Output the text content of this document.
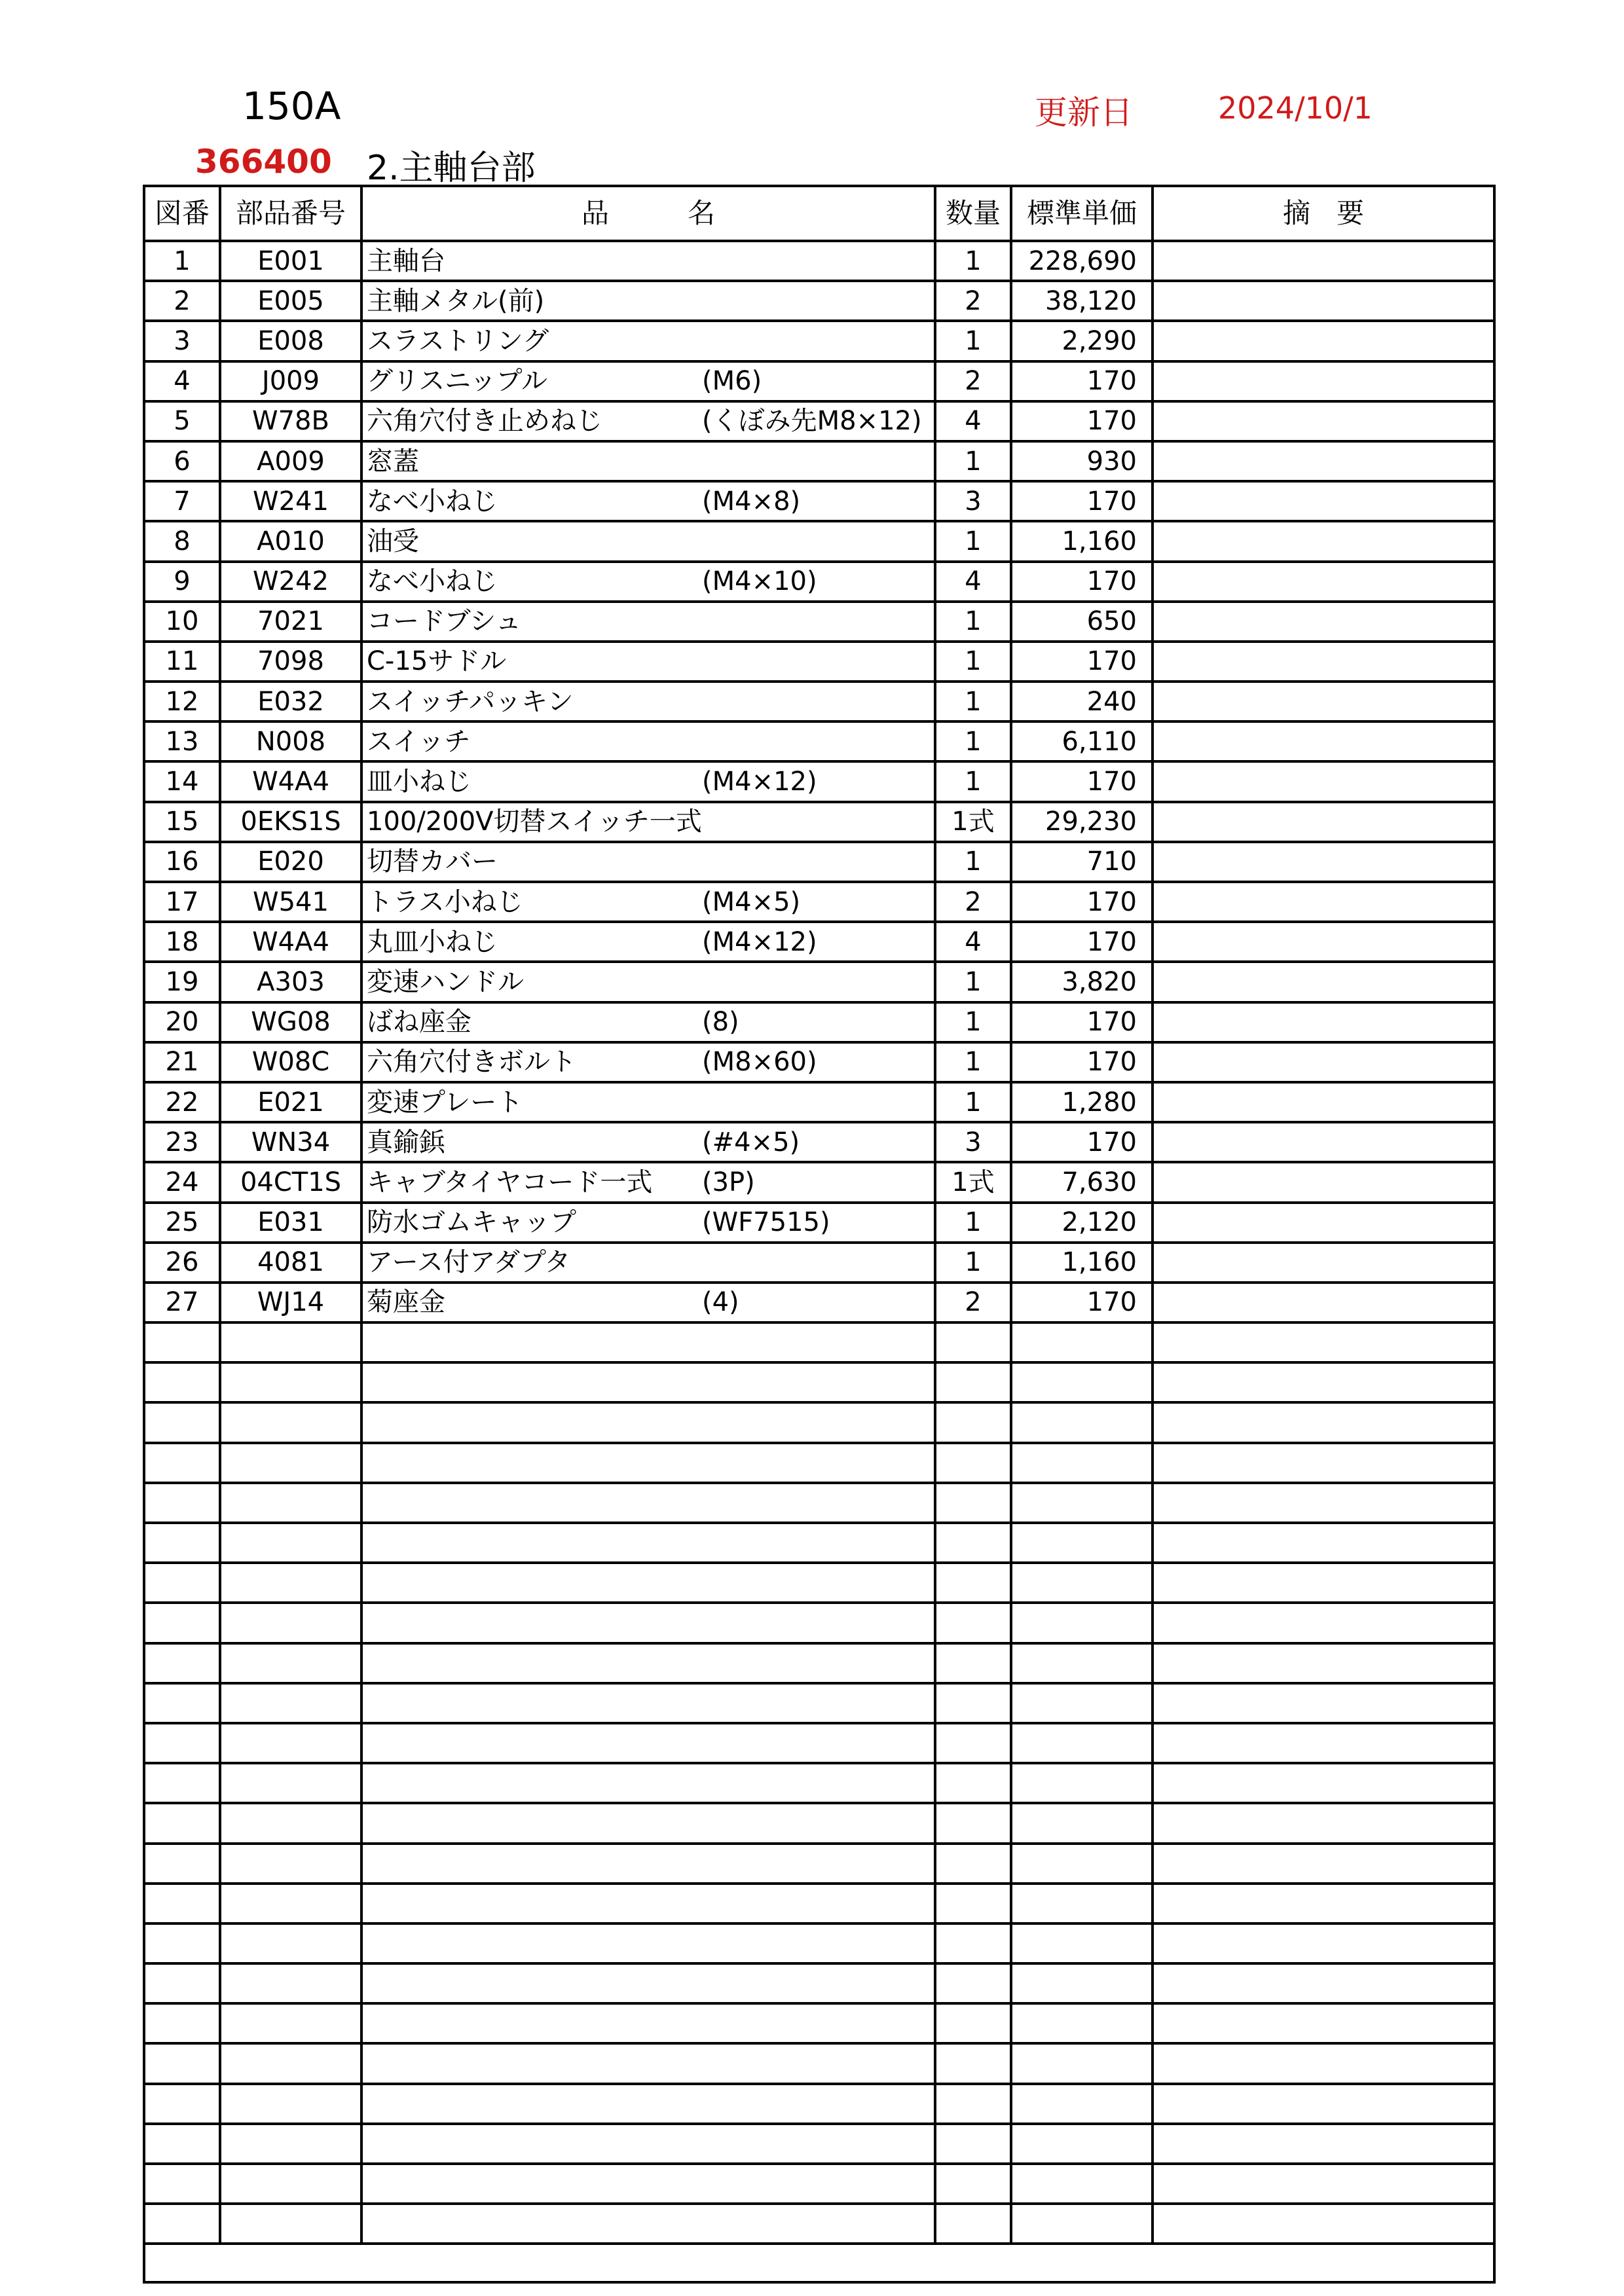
150A	更新日	2024/10/1
366400 2.主軸台部
図番	部品番号	品 名	数量	標準単価	摘 要
1	E001	主軸台	1	228,690	
2	E005	主軸メタル(前)	2	38,120	
3	E008	スラストリング	1	2,290	
4	J009	グリスニップル (M6)	2	170	
5	W78B	六角穴付き止めねじ (くぼみ先M8×12)	4	170	
6	A009	窓蓋	1	930	
7	W241	なべ小ねじ (M4×8)	3	170	
8	A010	油受	1	1,160	
9	W242	なべ小ねじ (M4×10)	4	170	
10	7021	コードブシュ	1	650	
11	7098	C-15サドル	1	170	
12	E032	スイッチパッキン	1	240	
13	N008	スイッチ	1	6,110	
14	W4A4	皿小ねじ (M4×12)	1	170	
15	0EKS1S	100/200V切替スイッチ一式	1式	29,230	
16	E020	切替カバー	1	710	
17	W541	トラス小ねじ (M4×5)	2	170	
18	W4A4	丸皿小ねじ (M4×12)	4	170	
19	A303	変速ハンドル	1	3,820	
20	WG08	ばね座金 (8)	1	170	
21	W08C	六角穴付きボルト (M8×60)	1	170	
22	E021	変速プレート	1	1,280	
23	WN34	真鍮鋲 (#4×5)	3	170	
24	04CT1S	キャブタイヤコード一式 (3P)	1式	7,630	
25	E031	防水ゴムキャップ (WF7515)	1	2,120	
26	4081	アース付アダプタ	1	1,160	
27	WJ14	菊座金 (4)	2	170	
